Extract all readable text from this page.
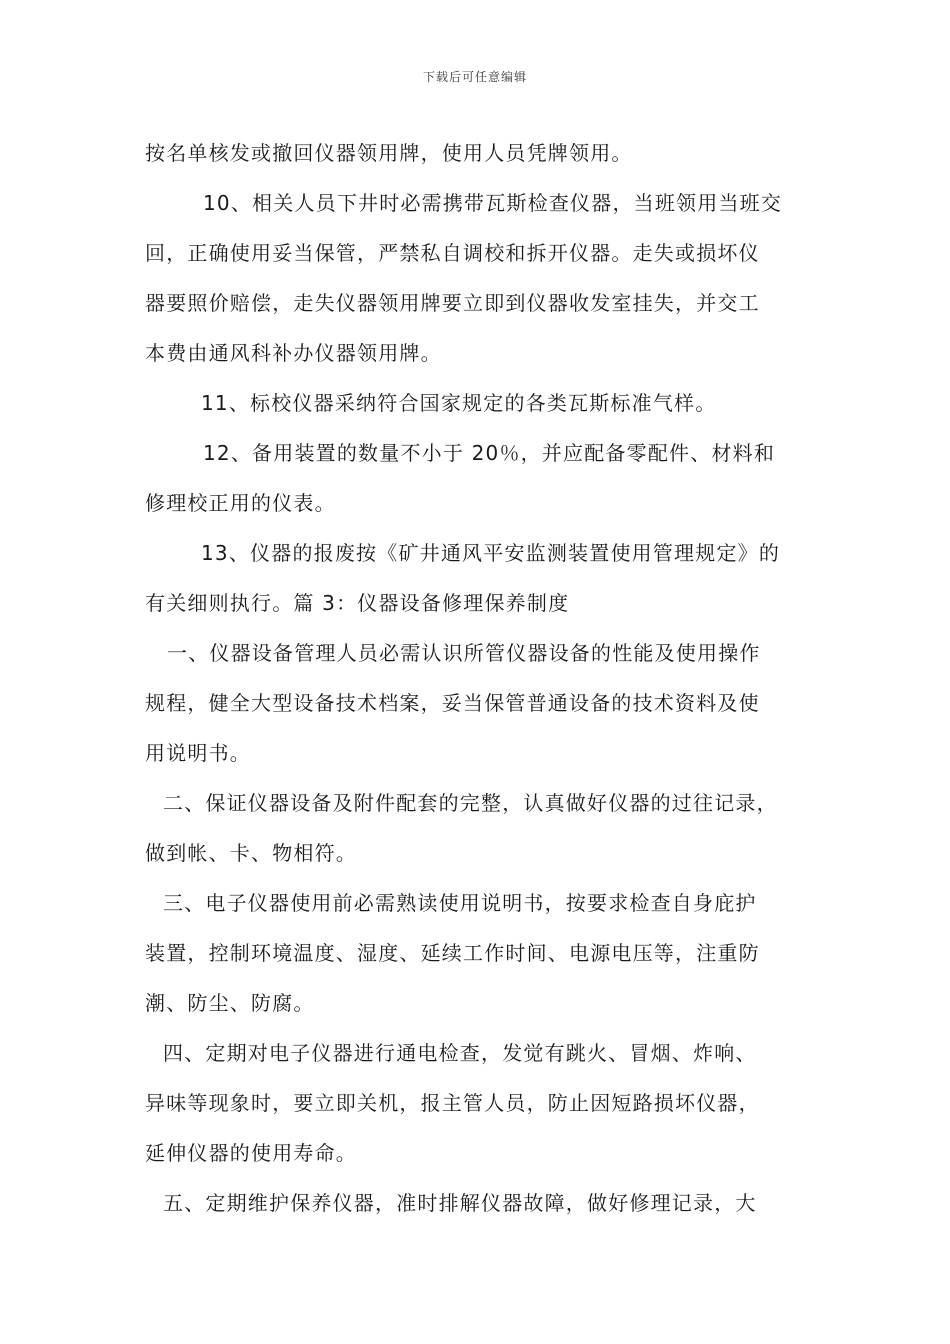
下载后可任意编辑
按名单核发或撤回仪器领用牌，使用人员凭牌领用。
10、相关人员下井时必需携带瓦斯检查仪器，当班领用当班交
回，正确使用妥当保管，严禁私自调校和拆开仪器。走失或损坏仪
器要照价赔偿，走失仪器领用牌要立即到仪器收发室挂失，并交工
本费由通风科补办仪器领用牌。
11、标校仪器采纳符合国家规定的各类瓦斯标准气样。
12、备用装置的数量不小于 20％，并应配备零配件、材料和
修理校正用的仪表。
13、仪器的报废按《矿井通风平安监测装置使用管理规定》的
有关细则执行。篇 3：仪器设备修理保养制度
一、仪器设备管理人员必需认识所管仪器设备的性能及使用操作
规程，健全大型设备技术档案，妥当保管普通设备的技术资料及使
用说明书。
二、保证仪器设备及附件配套的完整，认真做好仪器的过往记录，
做到帐、卡、物相符。
三、电子仪器使用前必需熟读使用说明书，按要求检查自身庇护
装置，控制环境温度、湿度、延续工作时间、电源电压等，注重防
潮、防尘、防腐。
四、定期对电子仪器进行通电检查，发觉有跳火、冒烟、炸响、
异味等现象时，要立即关机，报主管人员，防止因短路损坏仪器，
延伸仪器的使用寿命。
五、定期维护保养仪器，准时排解仪器故障，做好修理记录，大
